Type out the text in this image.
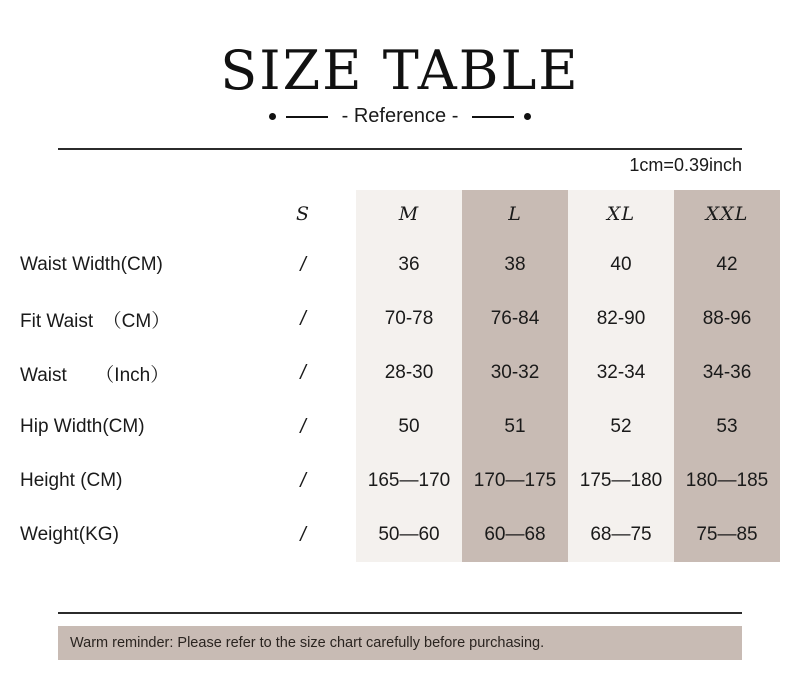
SIZE TABLE
- Reference -
1cm=0.39inch
	S	M	L	XL	XXL
Waist Width(CM)	/	36	38	40	42
Fit Waist　（CM）	/	70-78	76-84	82-90	88-96
Waist　　（Inch）	/	28-30	30-32	32-34	34-36
Hip Width(CM)	/	50	51	52	53
Height (CM)	/	165—170	170—175	175—180	180—185
Weight(KG)	/	50—60	60—68	68—75	75—85
Warm reminder: Please refer to the size chart carefully before purchasing.
